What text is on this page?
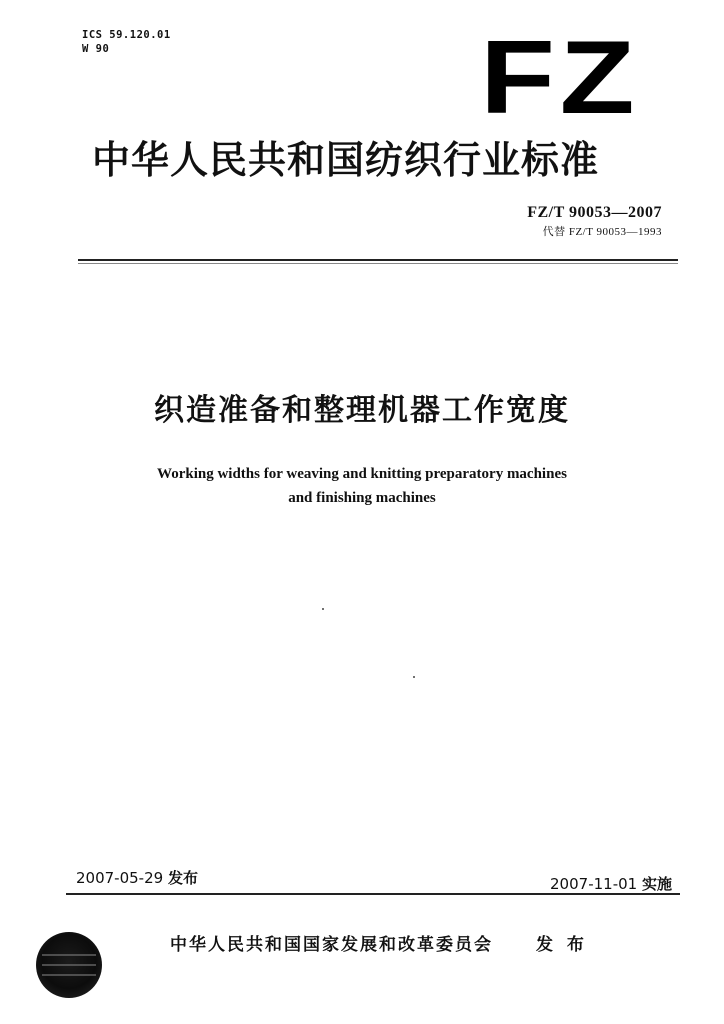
ICS 59.120.01
W 90	FZ
中华人民共和国纺织行业标准
FZ/T 90053—2007
代替 FZ/T 90053—1993
织造准备和整理机器工作宽度
Working widths for weaving and knitting preparatory machines
and finishing machines
2007-05-29 发布	2007-11-01 实施
中华人民共和国国家发展和改革委员会	发 布
